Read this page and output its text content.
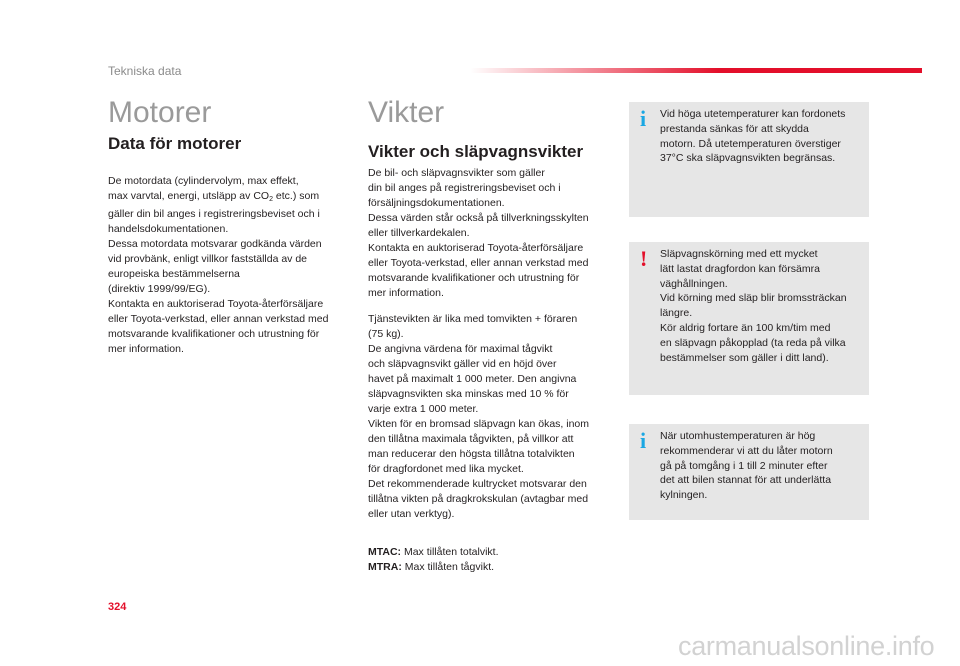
Tekniska data
Motorer
Data för motorer
De motordata (cylindervolym, max effekt,
max varvtal, energi, utsläpp av $CO_2$ etc.) som
gäller din bil anges i registreringsbeviset och i
handelsdokumentationen.
Dessa motordata motsvarar godkända värden
vid provbänk, enligt villkor fastställda av de
europeiska bestämmelserna
(direktiv 1999/99/EG).
Kontakta en auktoriserad Toyota-återförsäljare
eller Toyota-verkstad, eller annan verkstad med
motsvarande kvalifikationer och utrustning för
mer information.
Vikter
Vikter och släpvagnsvikter
De bil- och släpvagnsvikter som gäller
din bil anges på registreringsbeviset och i
försäljningsdokumentationen.
Dessa värden står också på tillverkningsskylten
eller tillverkardekalen.
Kontakta en auktoriserad Toyota-återförsäljare
eller Toyota-verkstad, eller annan verkstad med
motsvarande kvalifikationer och utrustning för
mer information.
Tjänstevikten är lika med tomvikten + föraren
(75 kg).
De angivna värdena för maximal tågvikt
och släpvagnsvikt gäller vid en höjd över
havet på maximalt 1 000 meter. Den angivna
släpvagnsvikten ska minskas med 10 % för
varje extra 1 000 meter.
Vikten för en bromsad släpvagn kan ökas, inom
den tillåtna maximala tågvikten, på villkor att
man reducerar den högsta tillåtna totalvikten
för dragfordonet med lika mycket.
Det rekommenderade kultrycket motsvarar den
tillåtna vikten på dragkrokskulan (avtagbar med
eller utan verktyg).
MTAC: Max tillåten totalvikt.
MTRA: Max tillåten tågvikt.
i Vid höga utetemperaturer kan fordonets
prestanda sänkas för att skydda
motorn. Då utetemperaturen överstiger
37°C ska släpvagnsvikten begränsas.
! Släpvagnskörning med ett mycket
lätt lastat dragfordon kan försämra
väghållningen.
Vid körning med släp blir bromssträckan
längre.
Kör aldrig fortare än 100 km/tim med
en släpvagn påkopplad (ta reda på vilka
bestämmelser som gäller i ditt land).
i När utomhustemperaturen är hög
rekommenderar vi att du låter motorn
gå på tomgång i 1 till 2 minuter efter
det att bilen stannat för att underlätta
kylningen.
324
carmanualsonline.info
